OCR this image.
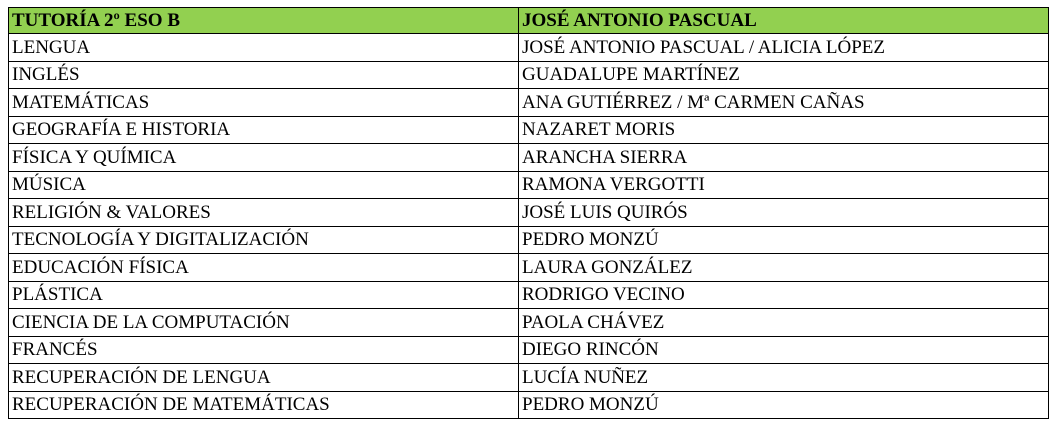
TUTORÍA 2º ESO B	JOSÉ ANTONIO PASCUAL
LENGUA	JOSÉ ANTONIO PASCUAL / ALICIA LÓPEZ
INGLÉS	GUADALUPE MARTÍNEZ
MATEMÁTICAS	ANA GUTIÉRREZ / Mª CARMEN CAÑAS
GEOGRAFÍA E HISTORIA	NAZARET MORIS
FÍSICA Y QUÍMICA	ARANCHA SIERRA
MÚSICA	RAMONA VERGOTTI
RELIGIÓN & VALORES	JOSÉ LUIS QUIRÓS
TECNOLOGÍA Y DIGITALIZACIÓN	PEDRO MONZÚ
EDUCACIÓN FÍSICA	LAURA GONZÁLEZ
PLÁSTICA	RODRIGO VECINO
CIENCIA DE LA COMPUTACIÓN	PAOLA CHÁVEZ
FRANCÉS	DIEGO RINCÓN
RECUPERACIÓN DE LENGUA	LUCÍA NUÑEZ
RECUPERACIÓN DE MATEMÁTICAS	PEDRO MONZÚ
